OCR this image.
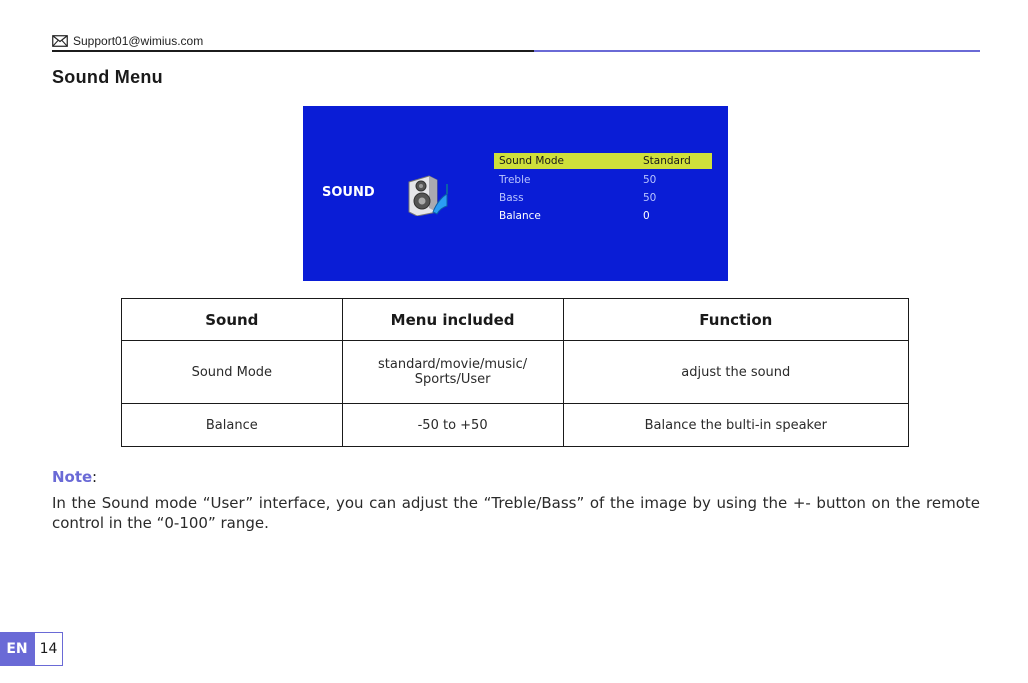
Support01@wimius.com
Sound Menu
SOUND
Sound Mode	Standard
Treble	50
Bass	50
Balance	0
Sound	Menu included	Function
Sound Mode	standard/movie/music/ Sports/User	adjust the sound
Balance	-50 to +50	Balance the bulti-in speaker
Note :

In the Sound mode “User” interface, you can adjust the “Treble/Bass” of the image by using the +- button on the remote control in the “0-100” range.

EN 14
